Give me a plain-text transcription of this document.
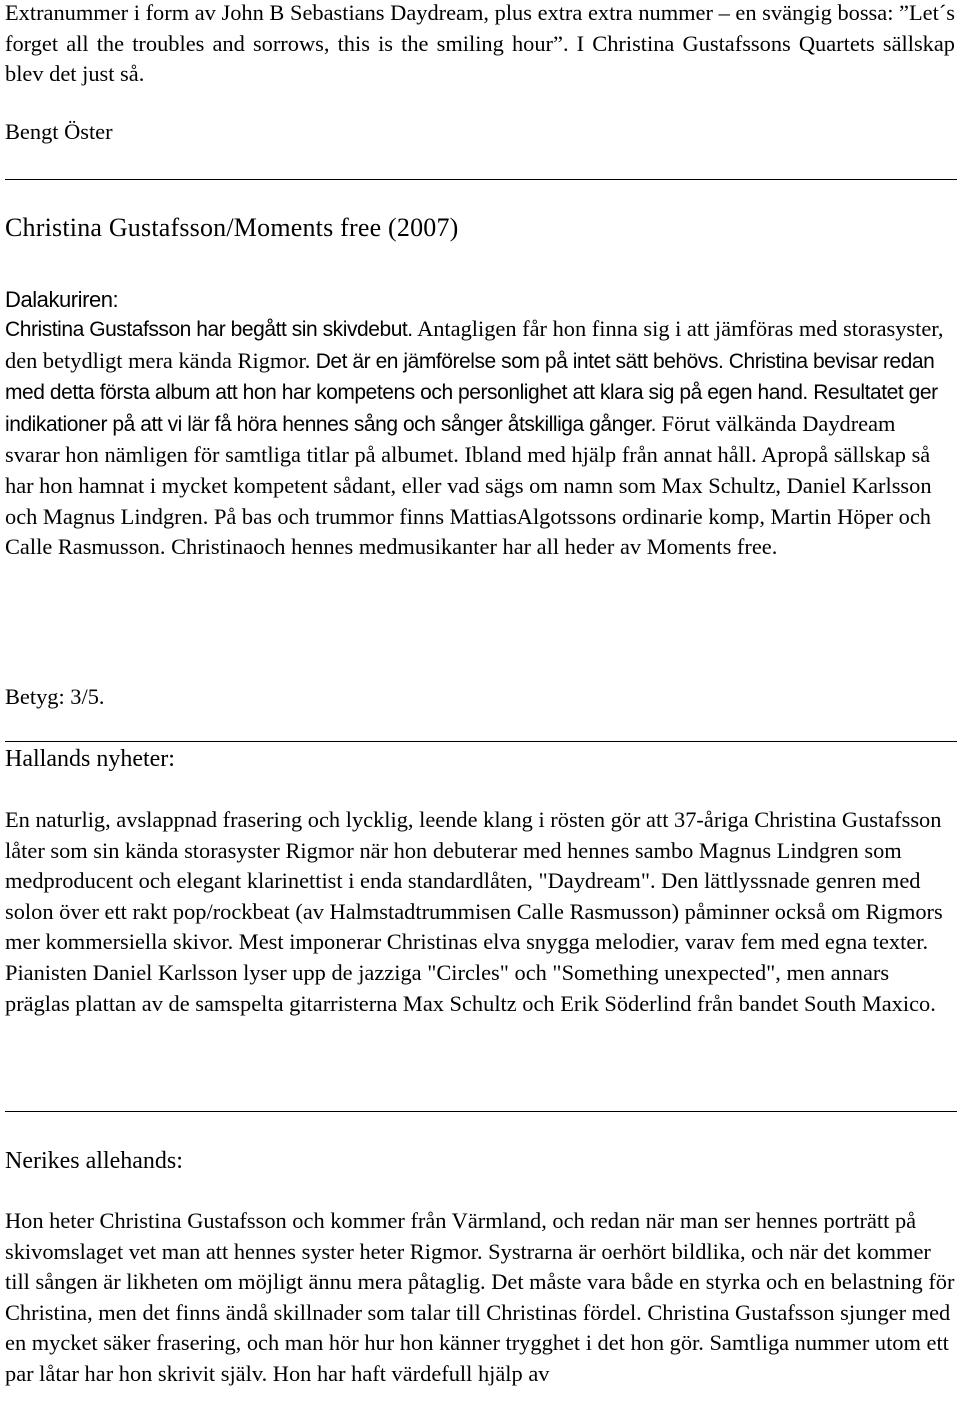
Extranummer i form av John B Sebastians Daydream, plus extra extra nummer – en svängig bossa: ”Let´s forget all the troubles and sorrows, this is the smiling hour”. I Christina Gustafssons Quartets sällskap blev det just så.

Bengt Öster

Christina Gustafsson/Moments free (2007)
Dalakuriren:

Christina Gustafsson har begått sin skivdebut. Antagligen får hon finna sig i att jämföras med storasyster, den betydligt mera kända Rigmor. Det är en jämförelse som på intet sätt behövs. Christina bevisar redan med detta första album att hon har kompetens och personlighet att klara sig på egen hand. Resultatet ger indikationer på att vi lär få höra hennes sång och sånger åtskilliga gånger. Förut välkända Daydream svarar hon nämligen för samtliga titlar på albumet. Ibland med hjälp från annat håll. Apropå sällskap så har hon hamnat i mycket kompetent sådant, eller vad sägs om namn som Max Schultz, Daniel Karlsson och Magnus Lindgren. På bas och trummor finns MattiasAlgotssons ordinarie komp, Martin Höper och Calle Rasmusson. Christinaoch hennes medmusikanter har all heder av Moments free.

Betyg: 3/5.

Hallands nyheter:

En naturlig, avslappnad frasering och lycklig, leende klang i rösten gör att 37-åriga Christina Gustafsson låter som sin kända storasyster Rigmor när hon debuterar med hennes sambo Magnus Lindgren som medproducent och elegant klarinettist i enda standardlåten, "Daydream". Den lättlyssnade genren med solon över ett rakt pop/rockbeat (av Halmstadtrummisen Calle Rasmusson) påminner också om Rigmors mer kommersiella skivor. Mest imponerar Christinas elva snygga melodier, varav fem med egna texter. Pianisten Daniel Karlsson lyser upp de jazziga "Circles" och "Something unexpected", men annars präglas plattan av de samspelta gitarristerna Max Schultz och Erik Söderlind från bandet South Maxico.

Nerikes allehands:

Hon heter Christina Gustafsson och kommer från Värmland, och redan när man ser hennes porträtt på skivomslaget vet man att hennes syster heter Rigmor. Systrarna är oerhört bildlika, och när det kommer till sången är likheten om möjligt ännu mera påtaglig. Det måste vara både en styrka och en belastning för Christina, men det finns ändå skillnader som talar till Christinas fördel. Christina Gustafsson sjunger med en mycket säker frasering, och man hör hur hon känner trygghet i det hon gör. Samtliga nummer utom ett par låtar har hon skrivit själv. Hon har haft värdefull hjälp av
